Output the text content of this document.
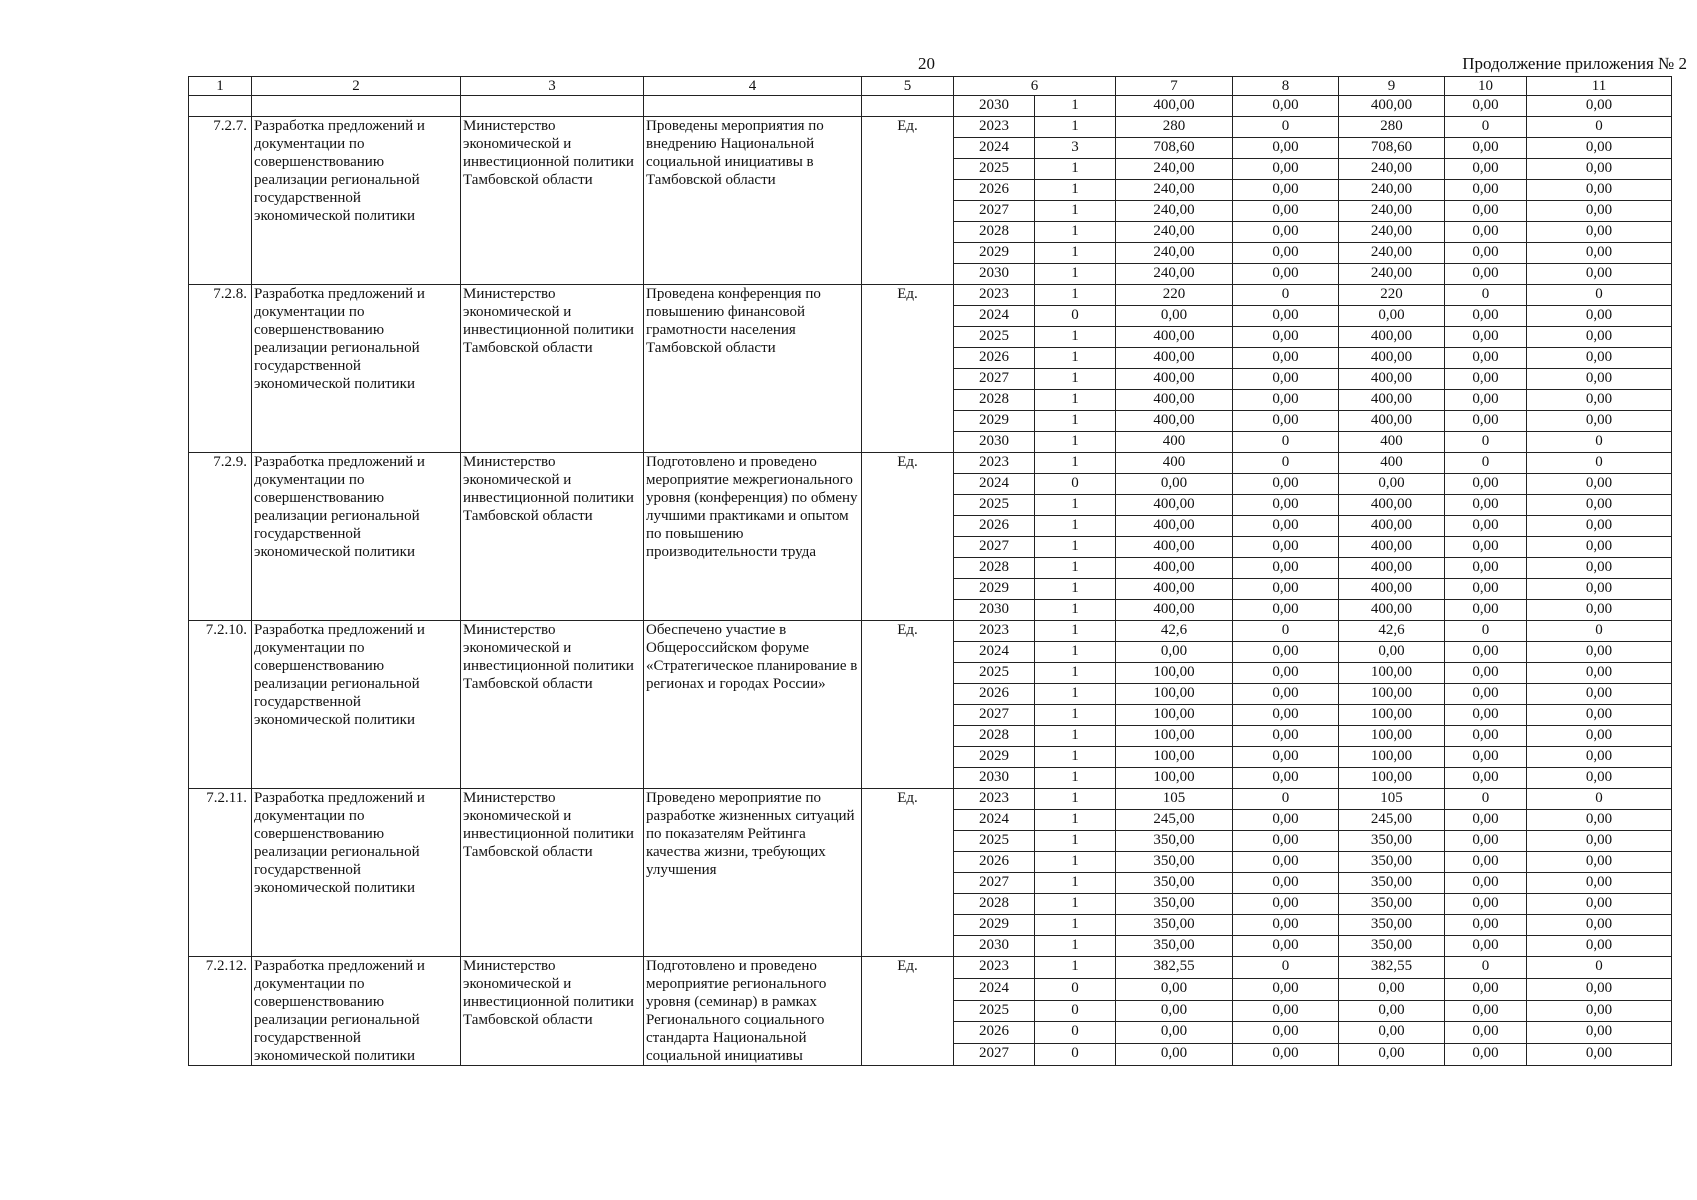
20	Продолжение приложения № 2
1	2	3	4	5	6		7	8	9	10	11
					2030	1	400,00	0,00	400,00	0,00	0,00
7.2.7.	Разработка предложений и документации по совершенствованию реализации региональной государственной экономической политики	Министерство экономической и инвестиционной политики Тамбовской области	Проведены мероприятия по внедрению Национальной социальной инициативы в Тамбовской области	Ед.	2023	1	280	0	280	0	0
					2024	3	708,60	0,00	708,60	0,00	0,00
					2025	1	240,00	0,00	240,00	0,00	0,00
					2026	1	240,00	0,00	240,00	0,00	0,00
					2027	1	240,00	0,00	240,00	0,00	0,00
					2028	1	240,00	0,00	240,00	0,00	0,00
					2029	1	240,00	0,00	240,00	0,00	0,00
					2030	1	240,00	0,00	240,00	0,00	0,00
7.2.8.	Разработка предложений и документации по совершенствованию реализации региональной государственной экономической политики	Министерство экономической и инвестиционной политики Тамбовской области	Проведена конференция по повышению финансовой грамотности населения Тамбовской области	Ед.	2023	1	220	0	220	0	0
					2024	0	0,00	0,00	0,00	0,00	0,00
					2025	1	400,00	0,00	400,00	0,00	0,00
					2026	1	400,00	0,00	400,00	0,00	0,00
					2027	1	400,00	0,00	400,00	0,00	0,00
					2028	1	400,00	0,00	400,00	0,00	0,00
					2029	1	400,00	0,00	400,00	0,00	0,00
					2030	1	400	0	400	0	0
7.2.9.	Разработка предложений и документации по совершенствованию реализации региональной государственной экономической политики	Министерство экономической и инвестиционной политики Тамбовской области	Подготовлено и проведено мероприятие межрегионального уровня (конференция) по обмену лучшими практиками и опытом по повышению производительности труда	Ед.	2023	1	400	0	400	0	0
					2024	0	0,00	0,00	0,00	0,00	0,00
					2025	1	400,00	0,00	400,00	0,00	0,00
					2026	1	400,00	0,00	400,00	0,00	0,00
					2027	1	400,00	0,00	400,00	0,00	0,00
					2028	1	400,00	0,00	400,00	0,00	0,00
					2029	1	400,00	0,00	400,00	0,00	0,00
					2030	1	400,00	0,00	400,00	0,00	0,00
7.2.10.	Разработка предложений и документации по совершенствованию реализации региональной государственной экономической политики	Министерство экономической и инвестиционной политики Тамбовской области	Обеспечено участие в Общероссийском форуме «Стратегическое планирование в регионах и городах России»	Ед.	2023	1	42,6	0	42,6	0	0
					2024	1	0,00	0,00	0,00	0,00	0,00
					2025	1	100,00	0,00	100,00	0,00	0,00
					2026	1	100,00	0,00	100,00	0,00	0,00
					2027	1	100,00	0,00	100,00	0,00	0,00
					2028	1	100,00	0,00	100,00	0,00	0,00
					2029	1	100,00	0,00	100,00	0,00	0,00
					2030	1	100,00	0,00	100,00	0,00	0,00
7.2.11.	Разработка предложений и документации по совершенствованию реализации региональной государственной экономической политики	Министерство экономической и инвестиционной политики Тамбовской области	Проведено мероприятие по разработке жизненных ситуаций по показателям Рейтинга качества жизни, требующих улучшения	Ед.	2023	1	105	0	105	0	0
					2024	1	245,00	0,00	245,00	0,00	0,00
					2025	1	350,00	0,00	350,00	0,00	0,00
					2026	1	350,00	0,00	350,00	0,00	0,00
					2027	1	350,00	0,00	350,00	0,00	0,00
					2028	1	350,00	0,00	350,00	0,00	0,00
					2029	1	350,00	0,00	350,00	0,00	0,00
					2030	1	350,00	0,00	350,00	0,00	0,00
7.2.12.	Разработка предложений и документации по совершенствованию реализации региональной государственной экономической политики	Министерство экономической и инвестиционной политики Тамбовской области	Подготовлено и проведено мероприятие регионального уровня (семинар) в рамках Регионального социального стандарта Национальной социальной инициативы	Ед.	2023	1	382,55	0	382,55	0	0
					2024	0	0,00	0,00	0,00	0,00	0,00
					2025	0	0,00	0,00	0,00	0,00	0,00
					2026	0	0,00	0,00	0,00	0,00	0,00
					2027	0	0,00	0,00	0,00	0,00	0,00
